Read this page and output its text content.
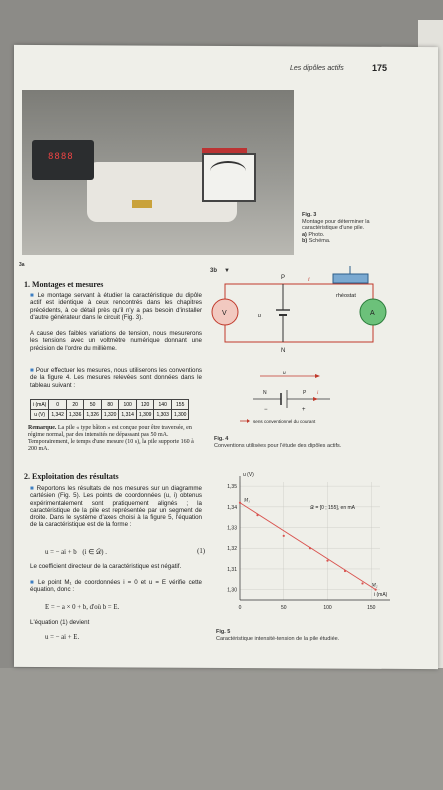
Les dipôles actifs	175
8888
3a
Fig. 3
Montage pour déterminer la caractéristique d'une pile.
a) Photo.
b) Schéma.
3b ▼
V	A
rhéostat
P
N
u
i
u
N	P i
−	+
sens conventionnel du courant
Fig. 4
Conventions utilisées pour l'étude des dipôles actifs.
1. Montages et mesures
■ Le montage servant à étudier la caractéristique du dipôle actif est identique à ceux rencontrés dans les chapitres précédents, à ce détail près qu'il n'y a pas besoin d'installer d'autre générateur dans le circuit (Fig. 3).
A cause des faibles variations de tension, nous mesurerons les tensions avec un voltmètre numérique donnant une précision de l'ordre du millième.
■ Pour effectuer les mesures, nous utiliserons les conventions de la figure 4. Les mesures relevées sont données dans le tableau suivant :
i (mA)	0	20	50	80	100	120	140	155
u (V)	1,342	1,336	1,326	1,320	1,314	1,309	1,303	1,300
Remarque. La pile « type bâton » est conçue pour être traversée, en régime normal, par des intensités ne dépassant pas 50 mA. Temporairement, le temps d'une mesure (10 s), la pile supporte 160 à 200 mA.
2. Exploitation des résultats
■ Reportons les résultats de nos mesures sur un diagramme cartésien (Fig. 5). Les points de coordonnées (u, i) obtenus expérimentalement sont pratiquement alignés ; la caractéristique de la pile est représentée par un segment de droite. Dans le système d'axes choisi à la figure 5, l'équation de la caractéristique est de la forme :
u = − ai + b (i ∈ 𝒟) .	(1)
Le coefficient directeur de la caractéristique est négatif.
■ Le point M₁ de coordonnées i = 0 et u = E vérifie cette équation, donc :
E = − a × 0 + b, d'où b = E.
L'équation (1) devient
u = − ai + E.
u (V)
i (mA)
1,35
1,34
1,33
1,32
1,31
1,30
0	50	100	150
𝒟 = [0 ; 155], en mA
M₁
M₂
Fig. 5
Caractéristique intensité-tension de la pile étudiée.
